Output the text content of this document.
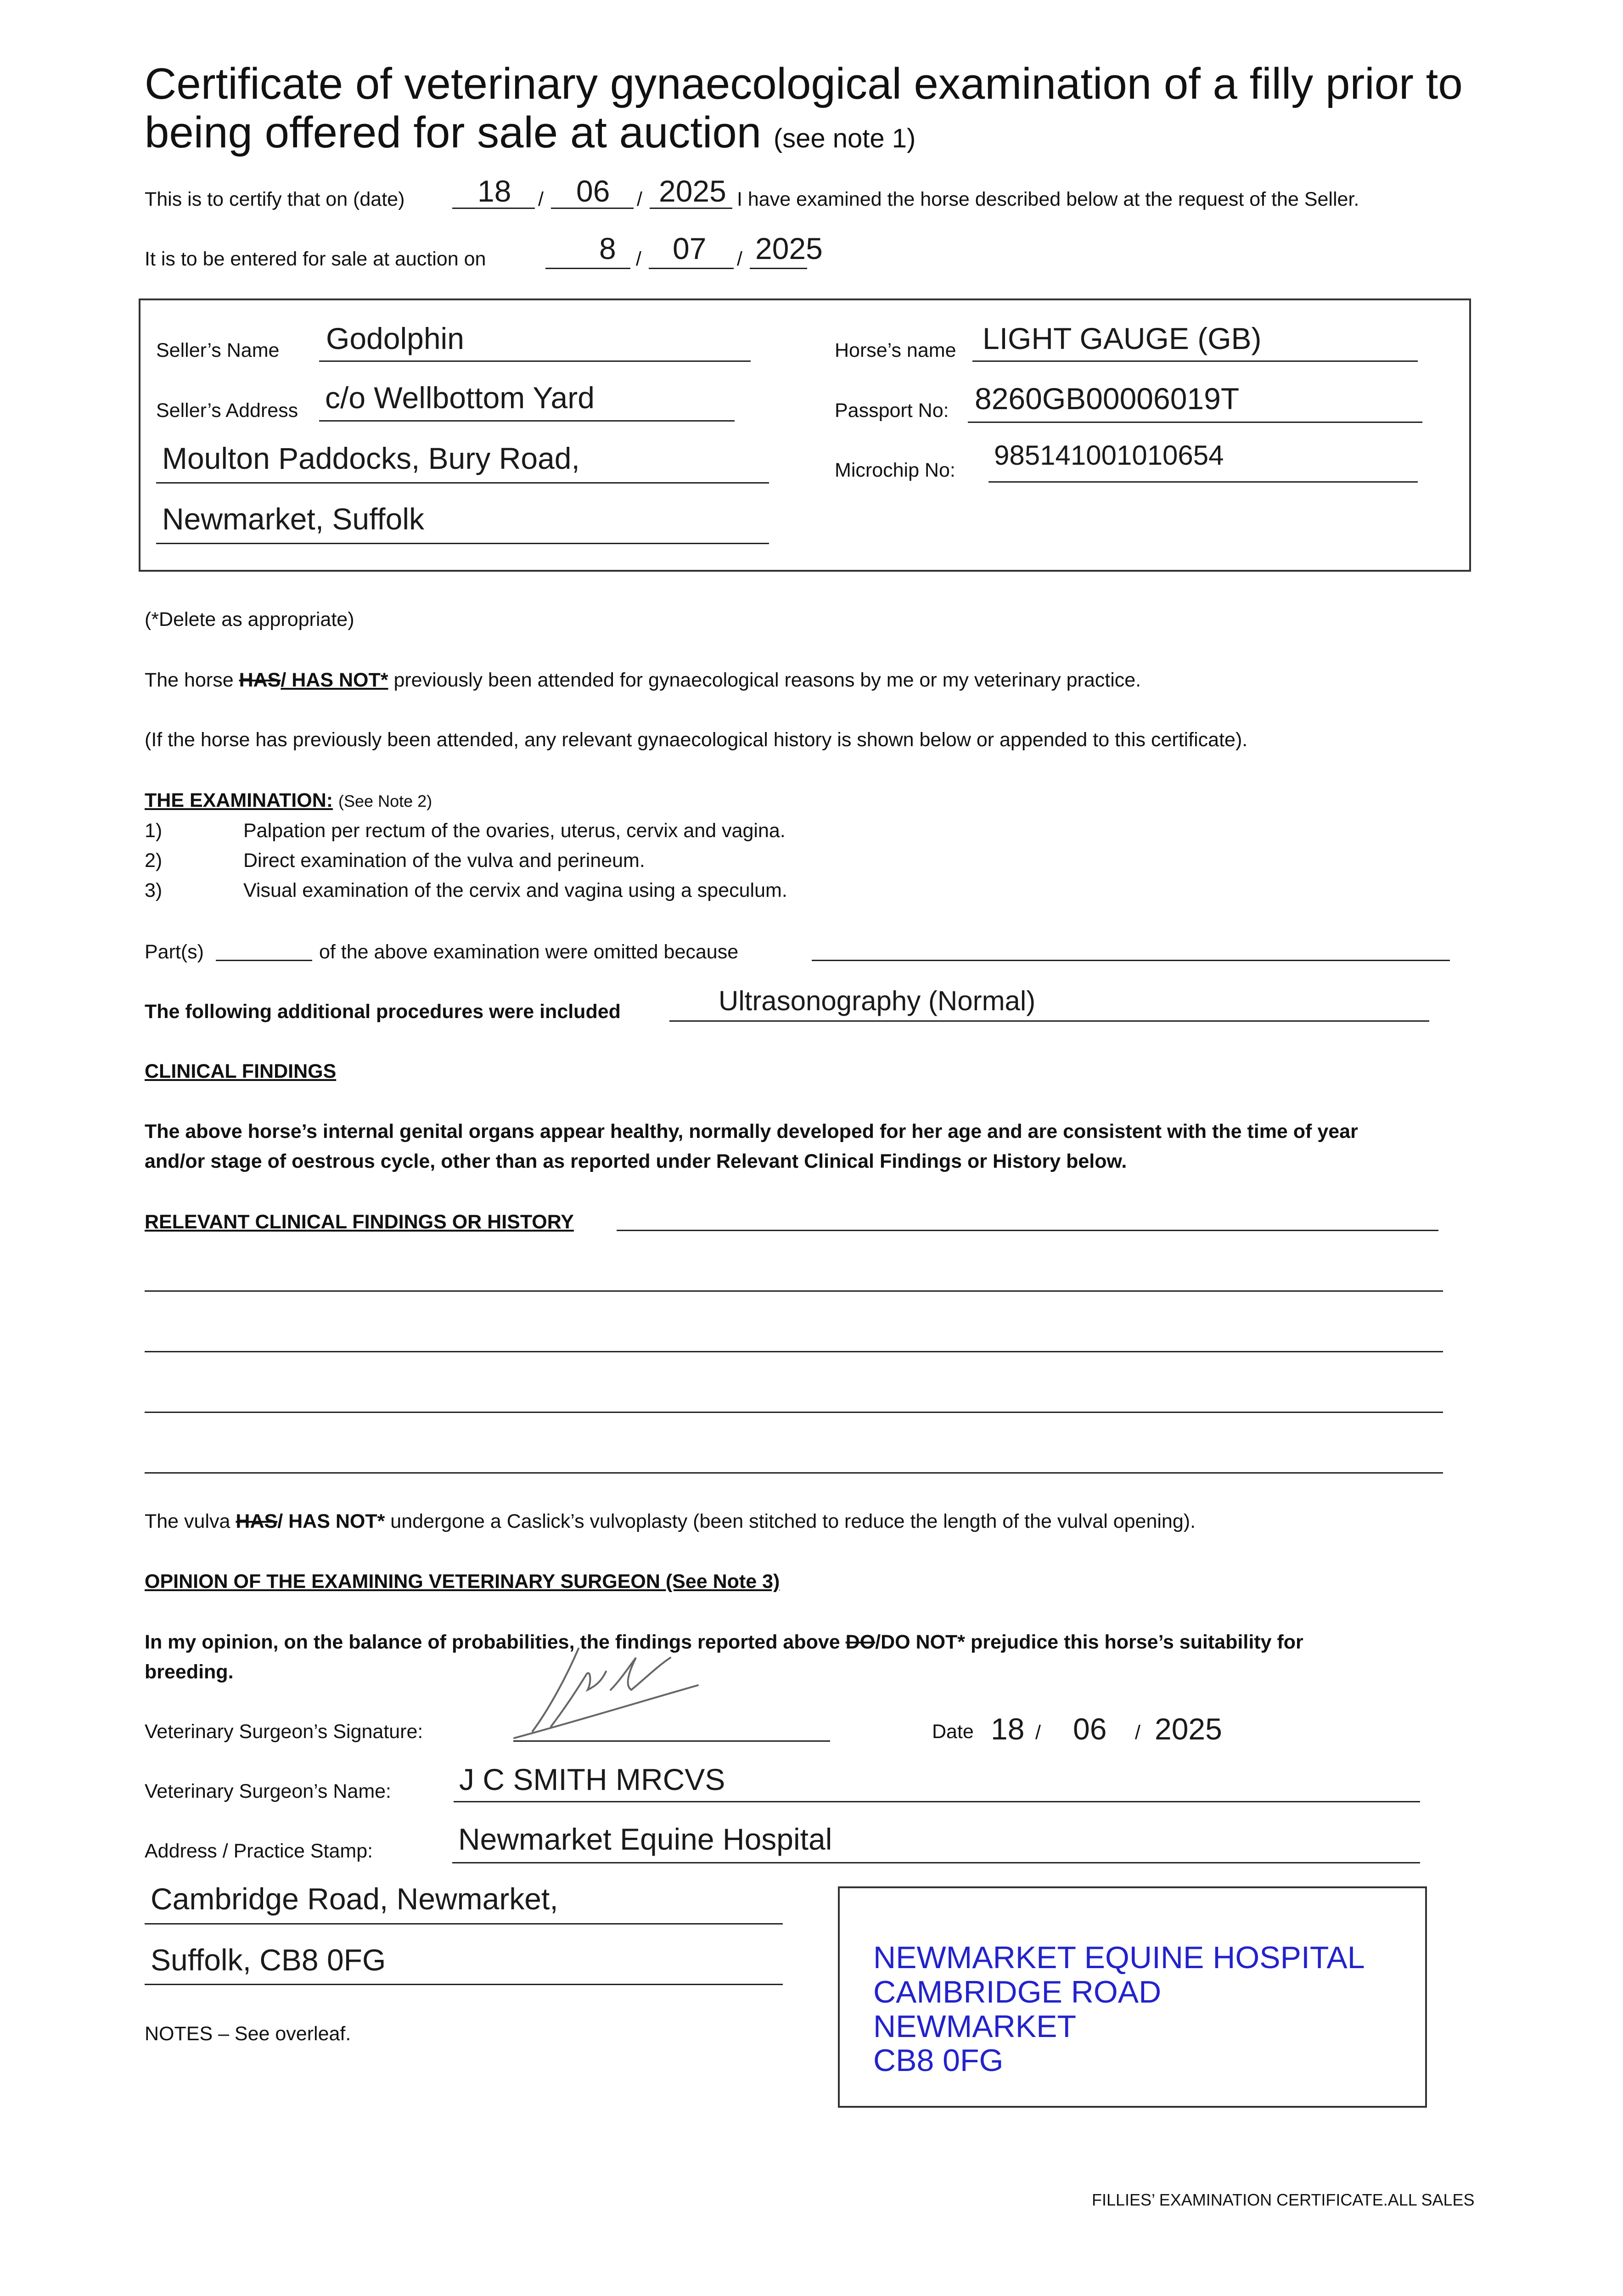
Certificate of veterinary gynaecological examination of a filly prior to
being offered for sale at auction (see note 1)
This is to certify that on (date)	/	/
18 06 2025 I have examined the horse described below at the request of the Seller.
It is to be entered for sale at auction on	/	/
8 07 2025
Seller’s Name Godolphin
Seller’s Address c/o Wellbottom Yard
Moulton Paddocks, Bury Road,
Newmarket, Suffolk
Horse’s name LIGHT GAUGE (GB)
Passport No: 8260GB00006019T
Microchip No: 985141001010654
(*Delete as appropriate)
The horse HAS/ HAS NOT* previously been attended for gynaecological reasons by me or my veterinary practice.
(If the horse has previously been attended, any relevant gynaecological history is shown below or appended to this certificate).
THE EXAMINATION: (See Note 2)
1)	Palpation per rectum of the ovaries, uterus, cervix and vagina.
2)	Direct examination of the vulva and perineum.
3)	Visual examination of the cervix and vagina using a speculum.
Part(s)	of the above examination were omitted because
The following additional procedures were included	Ultrasonography (Normal)
CLINICAL FINDINGS
The above horse’s internal genital organs appear healthy, normally developed for her age and are consistent with the time of year
and/or stage of oestrous cycle, other than as reported under Relevant Clinical Findings or History below.
RELEVANT CLINICAL FINDINGS OR HISTORY
The vulva HAS/ HAS NOT* undergone a Caslick’s vulvoplasty (been stitched to reduce the length of the vulval opening).
OPINION OF THE EXAMINING VETERINARY SURGEON (See Note 3)
In my opinion, on the balance of probabilities, the findings reported above DO/DO NOT* prejudice this horse’s suitability for
breeding.
Veterinary Surgeon’s Signature:	Date 18 / 06 / 2025
Veterinary Surgeon’s Name: J C SMITH MRCVS
Address / Practice Stamp:	Newmarket Equine Hospital
Cambridge Road, Newmarket,
Suffolk, CB8 0FG	NEWMARKET EQUINE HOSPITAL
CAMBRIDGE ROAD
NEWMARKET
CB8 0FG
NOTES – See overleaf.
FILLIES’ EXAMINATION CERTIFICATE.ALL SALES
